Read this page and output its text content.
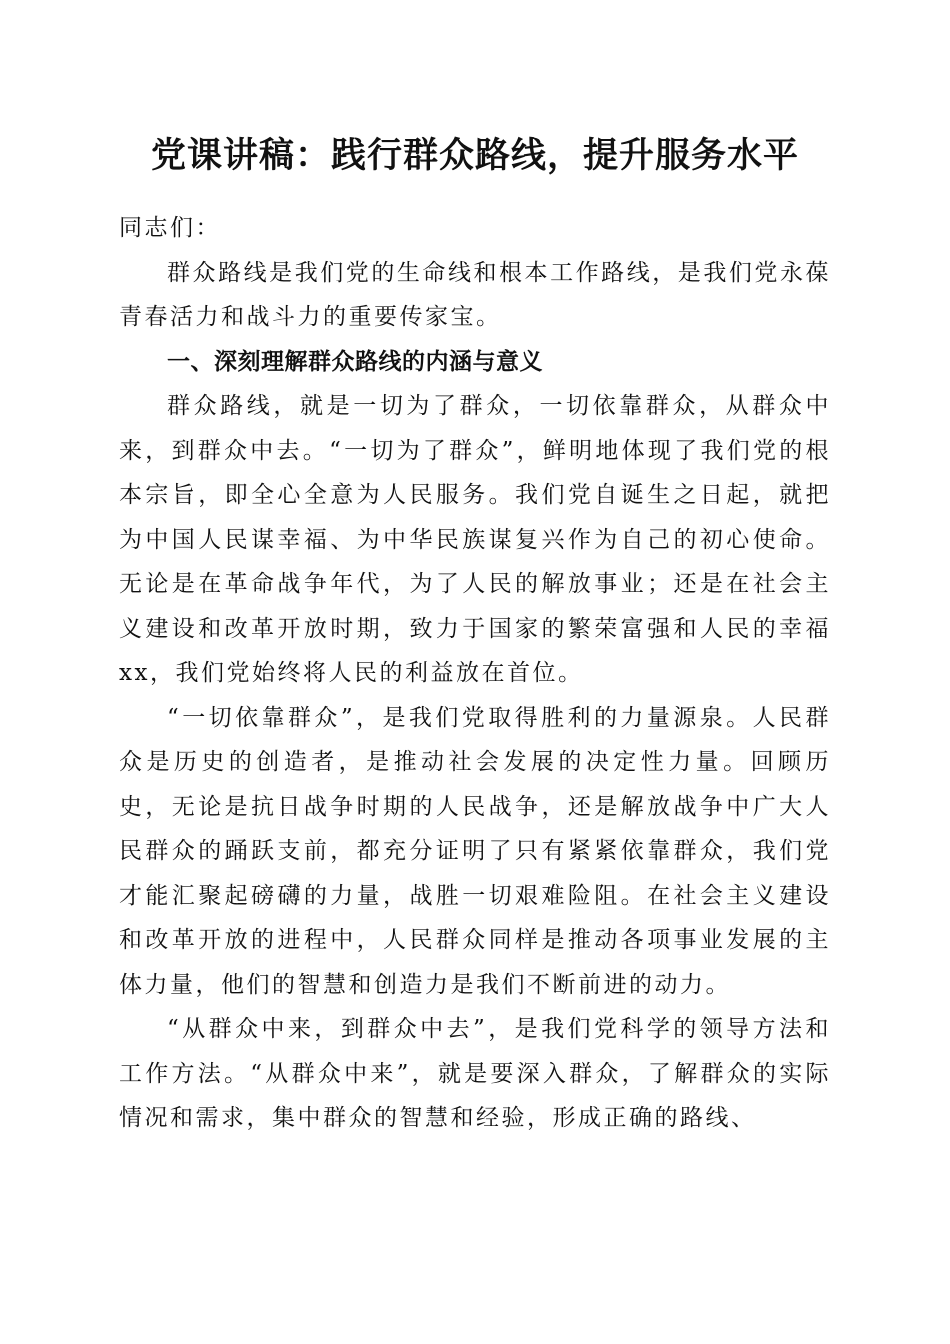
党课讲稿：践行群众路线，提升服务水平

同志们：

群众路线是我们党的生命线和根本工作路线，是我们党永葆青春活力和战斗力的重要传家宝。

一、深刻理解群众路线的内涵与意义

群众路线，就是一切为了群众，一切依靠群众，从群众中来，到群众中去。“一切为了群众”，鲜明地体现了我们党的根本宗旨，即全心全意为人民服务。我们党自诞生之日起，就把为中国人民谋幸福、为中华民族谋复兴作为自己的初心使命。无论是在革命战争年代，为了人民的解放事业；还是在社会主义建设和改革开放时期，致力于国家的繁荣富强和人民的幸福xx，我们党始终将人民的利益放在首位。

“一切依靠群众”，是我们党取得胜利的力量源泉。人民群众是历史的创造者，是推动社会发展的决定性力量。回顾历史，无论是抗日战争时期的人民战争，还是解放战争中广大人民群众的踊跃支前，都充分证明了只有紧紧依靠群众，我们党才能汇聚起磅礴的力量，战胜一切艰难险阻。在社会主义建设和改革开放的进程中，人民群众同样是推动各项事业发展的主体力量，他们的智慧和创造力是我们不断前进的动力。

“从群众中来，到群众中去”，是我们党科学的领导方法和工作方法。“从群众中来”，就是要深入群众，了解群众的实际情况和需求，集中群众的智慧和经验，形成正确的路线、
